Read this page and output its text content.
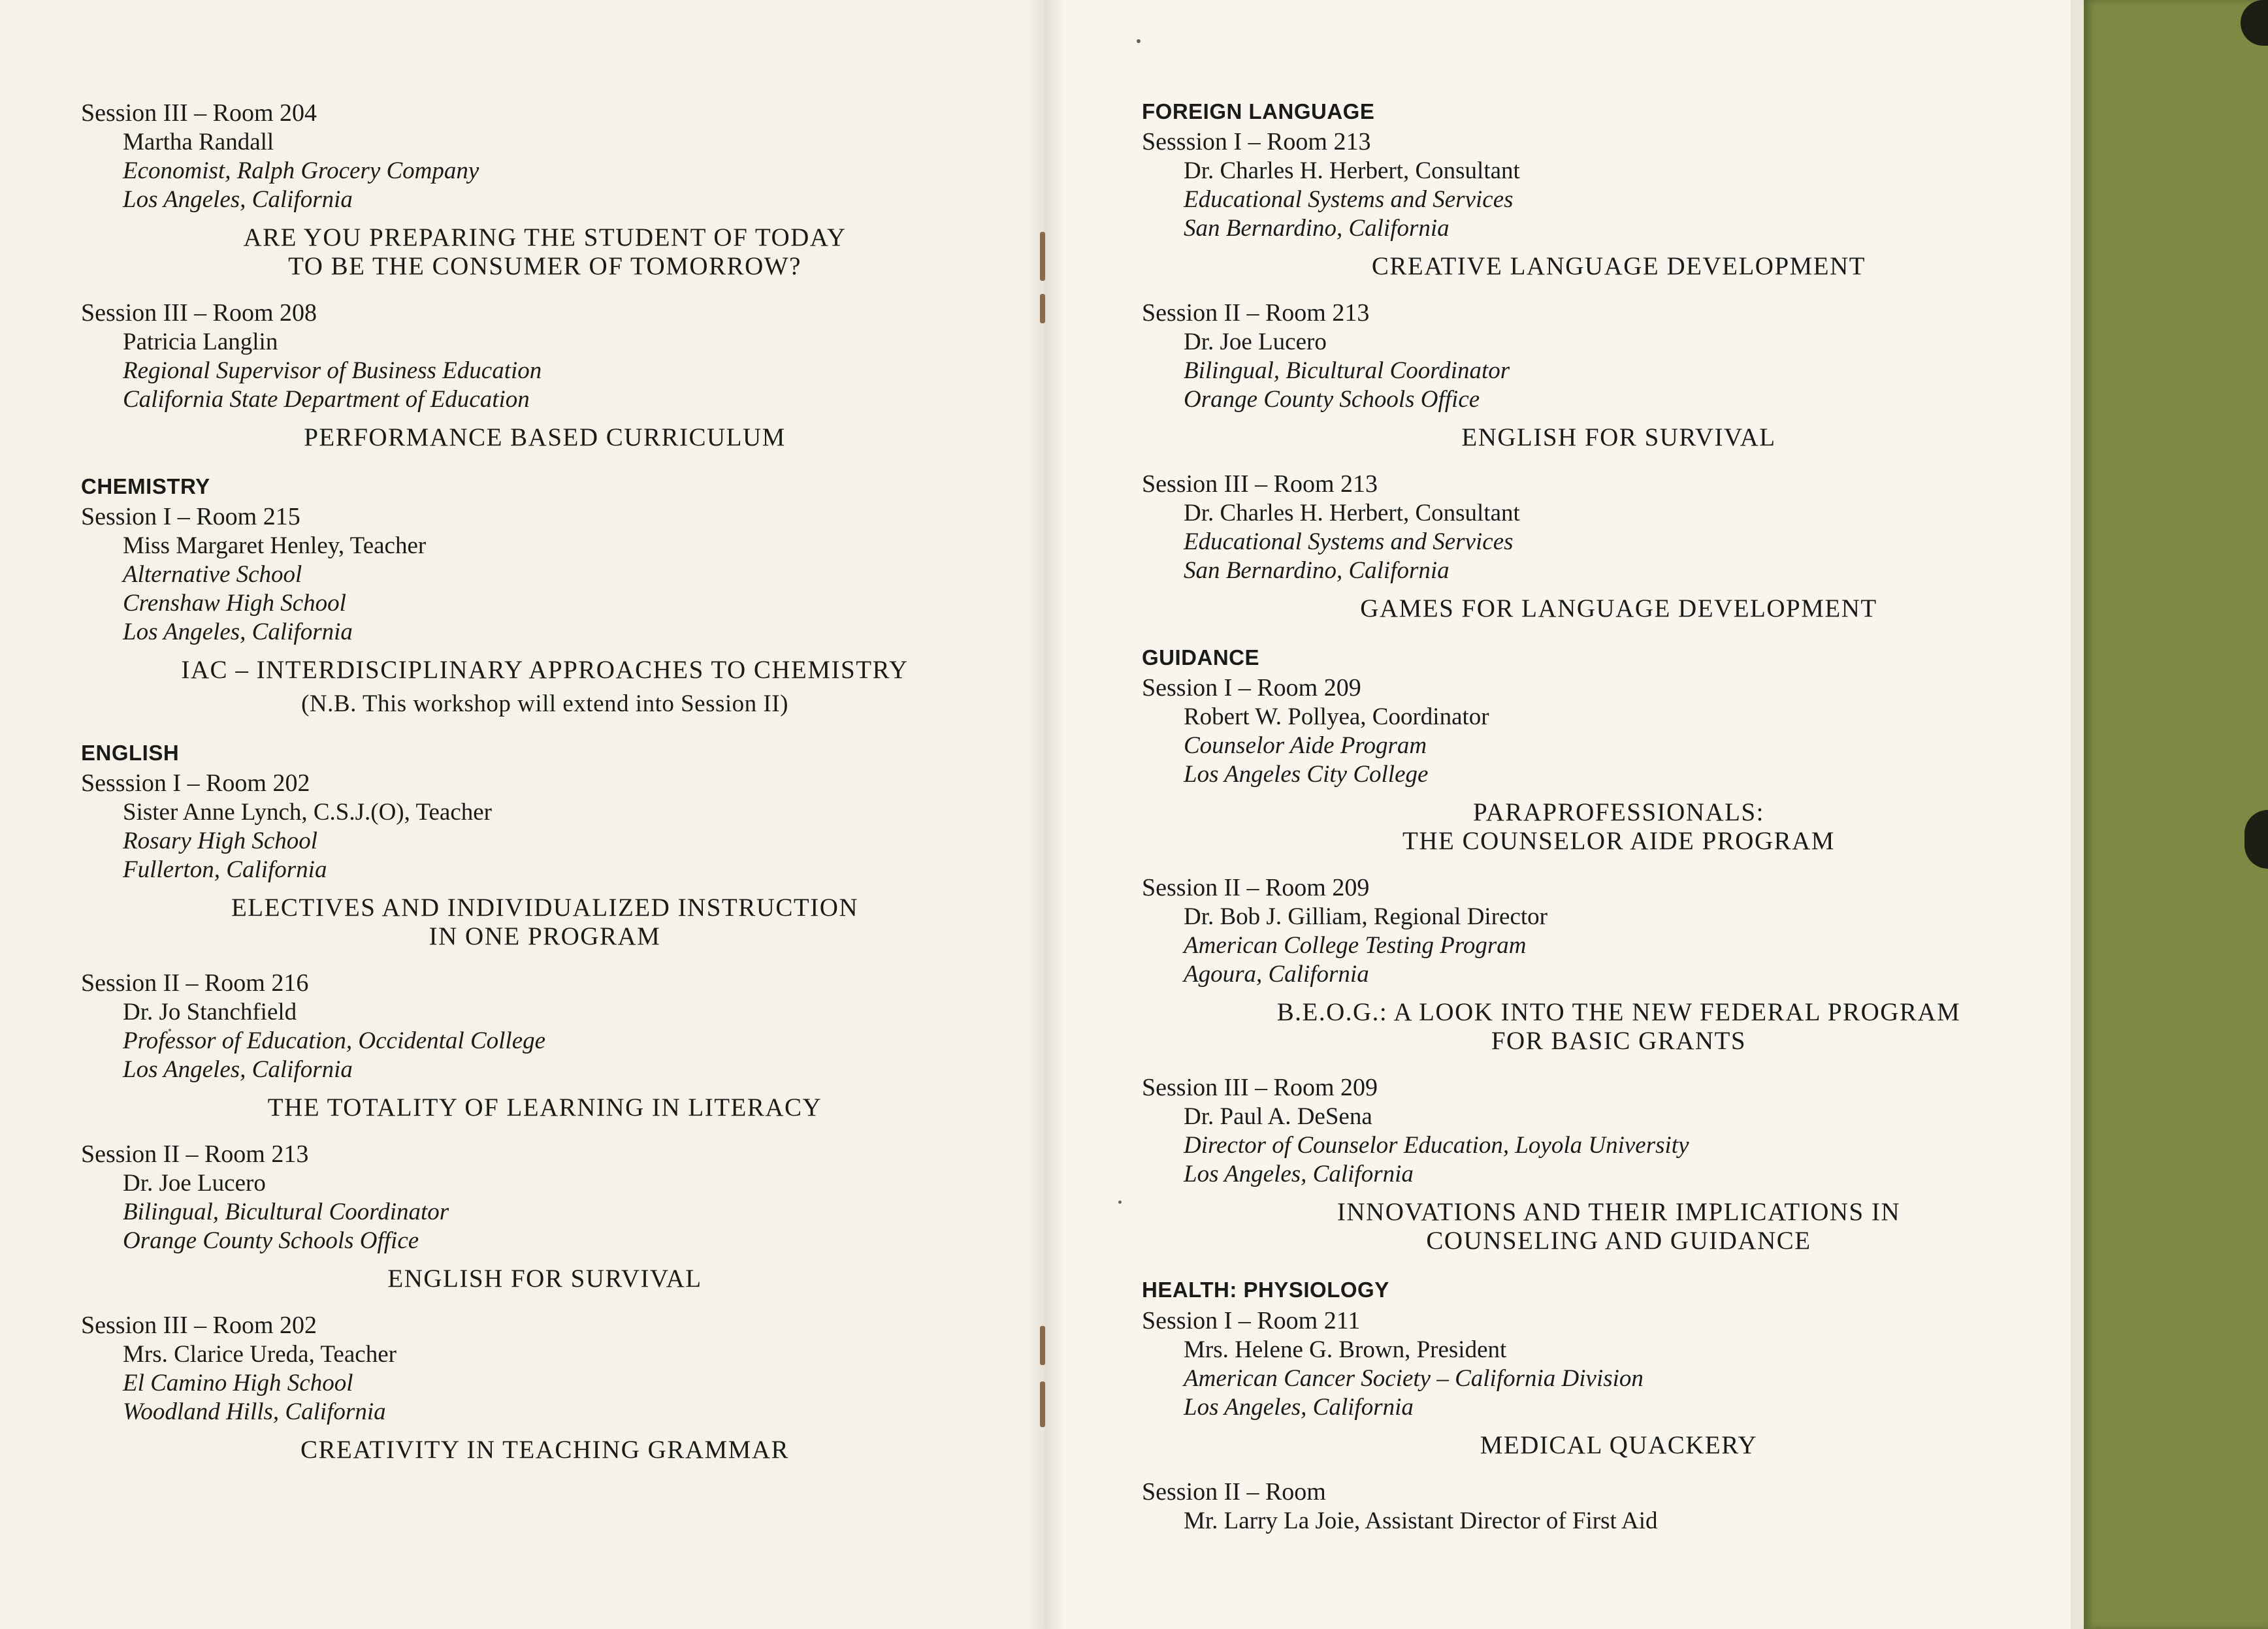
Session III – Room 204
Martha Randall
Economist, Ralph Grocery Company
Los Angeles, California
ARE YOU PREPARING THE STUDENT OF TODAY
TO BE THE CONSUMER OF TOMORROW?
Session III – Room 208
Patricia Langlin
Regional Supervisor of Business Education
California State Department of Education
PERFORMANCE BASED CURRICULUM
CHEMISTRY
Session I – Room 215
Miss Margaret Henley, Teacher
Alternative School
Crenshaw High School
Los Angeles, California
IAC – INTERDISCIPLINARY APPROACHES TO CHEMISTRY
(N.B. This workshop will extend into Session II)
ENGLISH
Sesssion I – Room 202
Sister Anne Lynch, C.S.J.(O), Teacher
Rosary High School
Fullerton, California
ELECTIVES AND INDIVIDUALIZED INSTRUCTION
IN ONE PROGRAM
Session II – Room 216
Dr. Jo Stanchfield
Professor of Education, Occidental College
Los Angeles, California
THE TOTALITY OF LEARNING IN LITERACY
Session II – Room 213
Dr. Joe Lucero
Bilingual, Bicultural Coordinator
Orange County Schools Office
ENGLISH FOR SURVIVAL
Session III – Room 202
Mrs. Clarice Ureda, Teacher
El Camino High School
Woodland Hills, California
CREATIVITY IN TEACHING GRAMMAR
FOREIGN LANGUAGE
Sesssion I – Room 213
Dr. Charles H. Herbert, Consultant
Educational Systems and Services
San Bernardino, California
CREATIVE LANGUAGE DEVELOPMENT
Session II – Room 213
Dr. Joe Lucero
Bilingual, Bicultural Coordinator
Orange County Schools Office
ENGLISH FOR SURVIVAL
Session III – Room 213
Dr. Charles H. Herbert, Consultant
Educational Systems and Services
San Bernardino, California
GAMES FOR LANGUAGE DEVELOPMENT
GUIDANCE
Session I – Room 209
Robert W. Pollyea, Coordinator
Counselor Aide Program
Los Angeles City College
PARAPROFESSIONALS:
THE COUNSELOR AIDE PROGRAM
Session II – Room 209
Dr. Bob J. Gilliam, Regional Director
American College Testing Program
Agoura, California
B.E.O.G.: A LOOK INTO THE NEW FEDERAL PROGRAM
FOR BASIC GRANTS
Session III – Room 209
Dr. Paul A. DeSena
Director of Counselor Education, Loyola University
Los Angeles, California
INNOVATIONS AND THEIR IMPLICATIONS IN
COUNSELING AND GUIDANCE
HEALTH: PHYSIOLOGY
Session I – Room 211
Mrs. Helene G. Brown, President
American Cancer Society – California Division
Los Angeles, California
MEDICAL QUACKERY
Session II – Room
Mr. Larry La Joie, Assistant Director of First Aid
